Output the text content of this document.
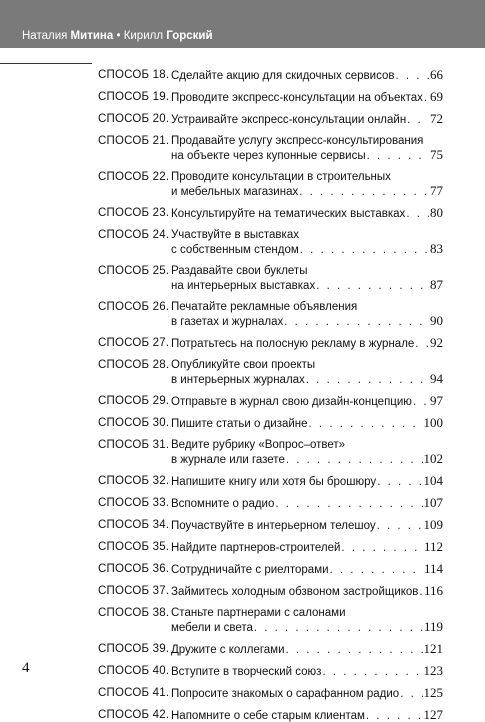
Наталия Митина • Кирилл Горский
СПОСОБ 18. Сделайте акцию для скидочных сервисов . . .	66
СПОСОБ 19. Проводите экспресс-консультации на объектах . . . 69
СПОСОБ 20. Устраивайте экспресс-консультации онлайн . . . 72
СПОСОБ 21. Продавайте услугу экспресс-консультирования
на объекте через купонные сервисы . . .	75
СПОСОБ 22. Проводите консультации в строительных
и мебельных магазинах . . .	77
СПОСОБ 23. Консультируйте на тематических выставках . . . 80
СПОСОБ 24. Участвуйте в выставках
с собственным стендом . . .	83
СПОСОБ 25. Раздавайте свои буклеты
на интерьерных выставках . . .	87
СПОСОБ 26. Печатайте рекламные объявления
в газетах и журналах . . .	90
СПОСОБ 27. Потратьтесь на полосную рекламу в журнале . . . 92
СПОСОБ 28. Опубликуйте свои проекты
в интерьерных журналах . . .	94
СПОСОБ 29. Отправьте в журнал свою дизайн-концепцию . . . 97
СПОСОБ 30. Пишите статьи о дизайне . . .	100
СПОСОБ 31. Ведите рубрику «Вопрос–ответ»
в журнале или газете . . .	102
СПОСОБ 32. Напишите книгу или хотя бы брошюру . . .	104
СПОСОБ 33. Вспомните о радио . . .	107
СПОСОБ 34. Поучаствуйте в интерьерном телешоу . . .	109
СПОСОБ 35. Найдите партнеров-строителей . . .	112
СПОСОБ 36. Сотрудничайте с риелторами . . .	114
СПОСОБ 37. Займитесь холодным обзвоном застройщиков . . . 116
СПОСОБ 38. Станьте партнерами с салонами
мебели и света . . .	119
СПОСОБ 39. Дружите с коллегами . . .	121
СПОСОБ 40. Вступите в творческий союз . . .	123
СПОСОБ 41. Попросите знакомых о сарафанном радио . . . 125
СПОСОБ 42. Напомните о себе старым клиентам . . .	127
4
